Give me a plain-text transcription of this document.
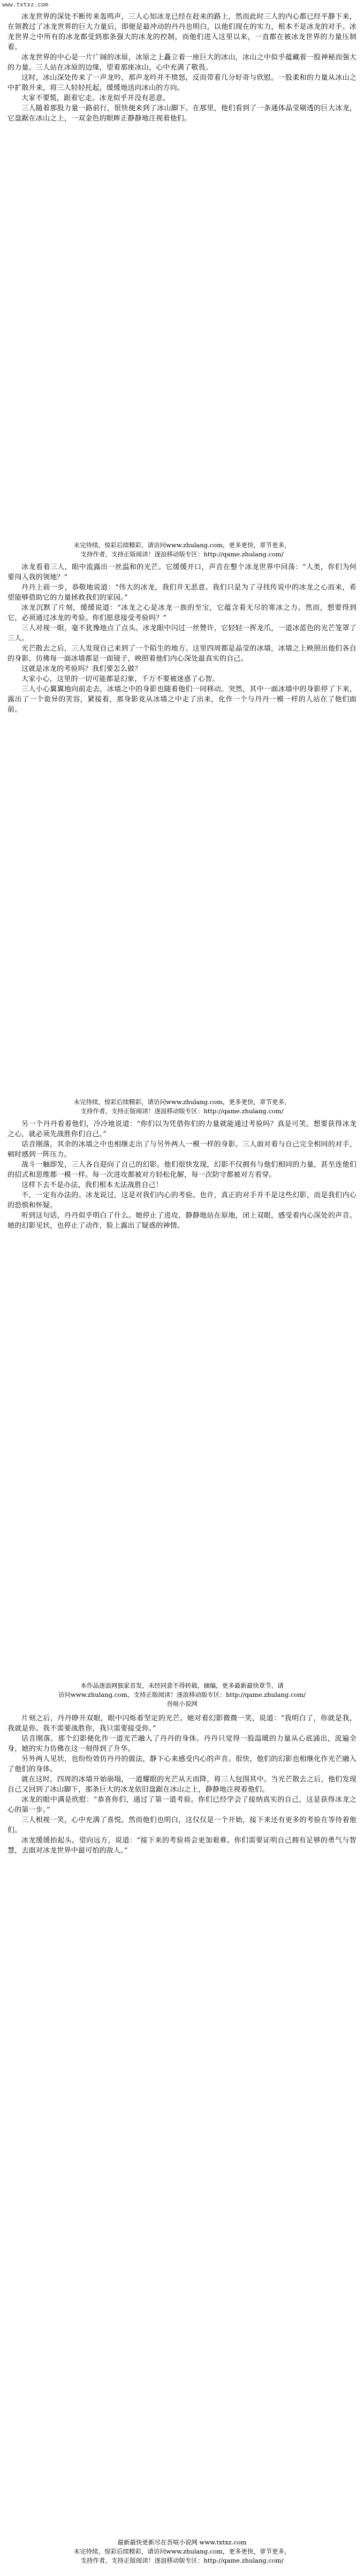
www.txtxz.com

冰龙世界的深处不断传来轰鸣声，三人心知冰龙已经在赶来的路上，然而此时三人的内心都已经平静下来，在领教过了冰龙世界的巨大力量后，即便是最冲动的丹丹也明白，以他们现在的实力，根本不是冰龙的对手。冰龙世界之中所有的冰龙都受到那条强大的冰龙的控制，而他们进入这里以来，一直都在被冰龙世界的力量压制着。

冰龙世界的中心是一片广阔的冰原，冰原之上矗立着一座巨大的冰山，冰山之中似乎蕴藏着一股神秘而强大的力量。三人站在冰原的边缘，望着那座冰山，心中充满了敬畏。

这时，冰山深处传来了一声龙吟，那声龙吟并不愤怒，反而带着几分好奇与欣慰。一股柔和的力量从冰山之中扩散开来，将三人轻轻托起，缓缓地送向冰山的方向。

大家不要慌，跟着它走。冰龙似乎并没有恶意。

三人随着那股力量一路前行，很快便来到了冰山脚下。在那里，他们看到了一条通体晶莹剔透的巨大冰龙，它盘踞在冰山之上，一双金色的眼眸正静静地注视着他们。

未完待续，惊彩后续精彩，请访问www.zhulang.com，更多更快，章节更多，

支持作者，支持正版阅读！逐浪移动版专区：http://qame.zhulang.com/

冰龙看着三人，眼中流露出一丝温和的光芒。它缓缓开口，声音在整个冰龙世界中回荡：“人类，你们为何要闯入我的领地？”

丹丹上前一步，恭敬地说道：“伟大的冰龙，我们并无恶意。我们只是为了寻找传说中的冰龙之心而来，希望能够借助它的力量拯救我们的家园。”

冰龙沉默了片刻，缓缓说道：“冰龙之心是冰龙一族的至宝，它蕴含着无尽的寒冰之力。然而，想要得到它，必须通过冰龙的考验。你们愿意接受考验吗？”

三人对视一眼，毫不犹豫地点了点头。冰龙眼中闪过一丝赞许，它轻轻一挥龙爪，一道冰蓝色的光芒笼罩了三人。

光芒散去之后，三人发现自己来到了一个陌生的地方。这里四周都是晶莹的冰墙，冰墙之上映照出他们各自的身影，仿佛每一面冰墙都是一面镜子，映照着他们内心深处最真实的自己。

这就是冰龙的考验吗？我们要怎么做？

大家小心，这里的一切可能都是幻象，千万不要被迷惑了心智。

三人小心翼翼地向前走去，冰墙之中的身影也随着他们一同移动。突然，其中一面冰墙中的身影停了下来，露出了一个诡异的笑容，紧接着，那身影竟从冰墙之中走了出来，化作一个与丹丹一模一样的人站在了他们面前。

未完待续，惊彩后续精彩，请访问www.zhulang.com，更多更快，章节更多，

支持作者，支持正版阅读！逐浪移动版专区：http://qame.zhulang.com/

另一个丹丹看着他们，冷冷地说道：“你们以为凭借你们的力量就能通过考验吗？真是可笑。想要获得冰龙之心，就必须先战胜你们自己。”

话音刚落，其余的冰墙之中也相继走出了与另外两人一模一样的身影。三人面对着与自己完全相同的对手，顿时感到一阵压力。

战斗一触即发，三人各自迎向了自己的幻影。他们很快发现，幻影不仅拥有与他们相同的力量，甚至连他们的招式和思维都一模一样。每一次进攻都被对方轻松化解，每一次防守都被对方看穿。

这样下去不是办法，我们根本无法战胜自己！

不，一定有办法的。冰龙说过，这是对我们内心的考验。也许，真正的对手并不是这些幻影，而是我们内心的恐惧和怀疑。

听到这句话，丹丹似乎明白了什么。她停止了进攻，静静地站在原地，闭上双眼，感受着内心深处的声音。她的幻影见状，也停止了动作，脸上露出了疑惑的神情。

本作品逐浪网独家首发，未经同意不得转载，摘编，更多最新最快章节，请

访问www.zhulang.com，支持正版阅读！逐浪移动版专区：http://qame.zhulang.com/

吾喧小说网

片刻之后，丹丹睁开双眼，眼中闪烁着坚定的光芒。她对着幻影微微一笑，说道：“我明白了，你就是我，我就是你。我不需要战胜你，我只需要接受你。”

话音刚落，那个幻影便化作一道光芒融入了丹丹的身体。丹丹只觉得一股温暖的力量从心底涌出，流遍全身，她的实力仿佛在这一刻得到了升华。

另外两人见状，也纷纷效仿丹丹的做法，静下心来感受内心的声音。很快，他们的幻影也相继化作光芒融入了他们的身体。

就在这时，四周的冰墙开始崩塌，一道耀眼的光芒从天而降，将三人包围其中。当光芒散去之后，他们发现自己又回到了冰山脚下，那条巨大的冰龙依旧盘踞在冰山之上，静静地注视着他们。

冰龙的眼中满是欣慰：“恭喜你们，通过了第一道考验。你们已经学会了接纳真实的自己，这是获得冰龙之心的第一步。”

三人相视一笑，心中充满了喜悦。然而他们也明白，这仅仅是一个开始，接下来还有更多的考验在等待着他们。

冰龙缓缓抬起头，望向远方，说道：“接下来的考验将会更加艰难。你们需要证明自己拥有足够的勇气与智慧，去面对冰龙世界中最可怕的敌人。”

最新最快更新尽在吾喧小说网 www.txtxz.com

未完待续，惊彩后续精彩，请访问www.zhulang.com，更多更快，章节更多，

支持作者，支持正版阅读！逐浪移动版专区：http://qame.zhulang.com/
